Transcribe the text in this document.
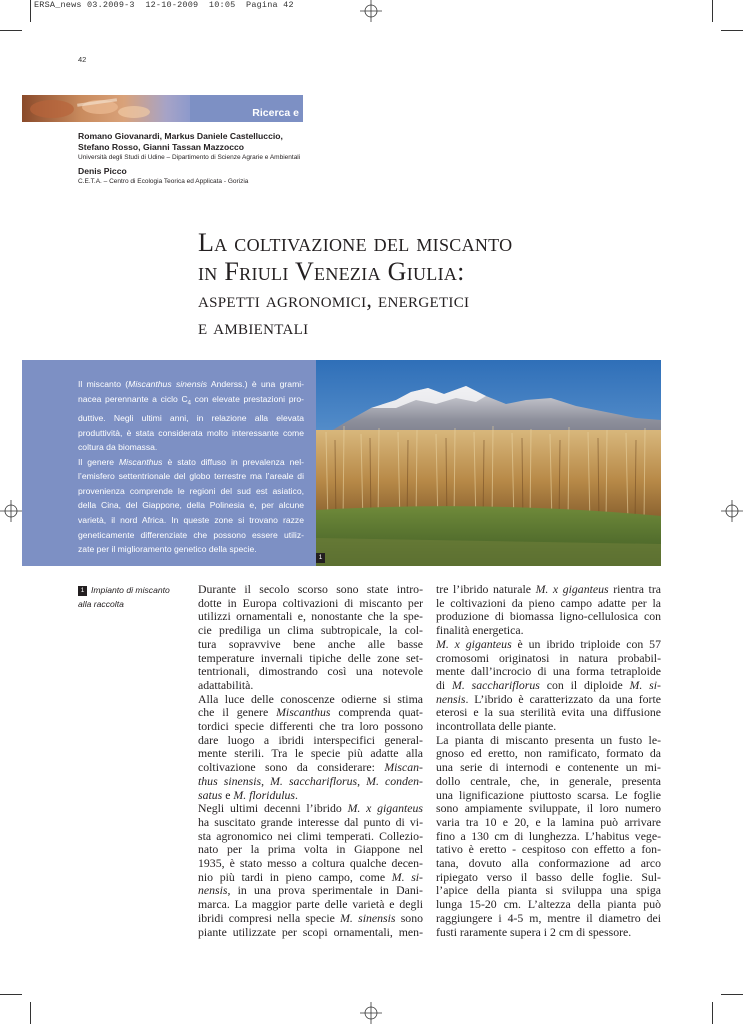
ERSA_news 03.2009-3  12-10-2009  10:05  Pagina 42
42
Ricerca e innovazione

Romano Giovanardi, Markus Daniele Castelluccio,
Stefano Rosso, Gianni Tassan Mazzocco

Università degli Studi di Udine – Dipartimento di Scienze Agrarie e Ambientali

Denis Picco

C.E.T.A. – Centro di Ecologia Teorica ed Applicata - Gorizia

La coltivazione del miscanto

in Friuli Venezia Giulia:

aspetti agronomici, energetici

e ambientali

Il miscanto (Miscanthus sinensis Anderss.) è una grami-
nacea perennante a ciclo $C_4$ con elevate prestazioni pro-
duttive. Negli ultimi anni, in relazione alla elevata
produttività, è stata considerata molto interessante come
coltura da biomassa.

Il genere Miscanthus è stato diffuso in prevalenza nel-
l’emisfero settentrionale del globo terrestre ma l’areale di
provenienza comprende le regioni del sud est asiatico,
della Cina, del Giappone, della Polinesia e, per alcune
varietà, il nord Africa. In queste zone si trovano razze
geneticamente differenziate che possono essere utiliz-
zate per il miglioramento genetico della specie.

1
1 Impianto di miscanto
alla raccolta
Durante il secolo scorso sono state intro-
dotte in Europa coltivazioni di miscanto per
utilizzi ornamentali e, nonostante che la spe-
cie prediliga un clima subtropicale, la col-
tura sopravvive bene anche alle basse
temperature invernali tipiche delle zone set-
tentrionali, dimostrando così una notevole
adattabilità.
Alla luce delle conoscenze odierne si stima
che il genere Miscanthus comprenda quat-
tordici specie differenti che tra loro possono
dare luogo a ibridi interspecifici general-
mente sterili. Tra le specie più adatte alla
coltivazione sono da considerare: Miscan-
thus sinensis, M. sacchariflorus, M. conden-
satus e M. floridulus.
Negli ultimi decenni l’ibrido M. x giganteus
ha suscitato grande interesse dal punto di vi-
sta agronomico nei climi temperati. Collezio-
nato per la prima volta in Giappone nel
1935, è stato messo a coltura qualche decen-
nio più tardi in pieno campo, come M. si-
nensis, in una prova sperimentale in Dani-
marca. La maggior parte delle varietà e degli
ibridi compresi nella specie M. sinensis sono
piante utilizzate per scopi ornamentali, men-
tre l’ibrido naturale M. x giganteus rientra tra
le coltivazioni da pieno campo adatte per la
produzione di biomassa ligno-cellulosica con
finalità energetica.
M. x giganteus è un ibrido triploide con 57
cromosomi originatosi in natura probabil-
mente dall’incrocio di una forma tetraploide
di M. sacchariflorus con il diploide M. si-
nensis. L’ibrido è caratterizzato da una forte
eterosi e la sua sterilità evita una diffusione
incontrollata delle piante.
La pianta di miscanto presenta un fusto le-
gnoso ed eretto, non ramificato, formato da
una serie di internodi e contenente un mi-
dollo centrale, che, in generale, presenta
una lignificazione piuttosto scarsa. Le foglie
sono ampiamente sviluppate, il loro numero
varia tra 10 e 20, e la lamina può arrivare
fino a 130 cm di lunghezza. L’habitus vege-
tativo è eretto - cespitoso con effetto a fon-
tana, dovuto alla conformazione ad arco
ripiegato verso il basso delle foglie. Sul-
l’apice della pianta si sviluppa una spiga
lunga 15-20 cm. L’altezza della pianta può
raggiungere i 4-5 m, mentre il diametro dei
fusti raramente supera i 2 cm di spessore.
